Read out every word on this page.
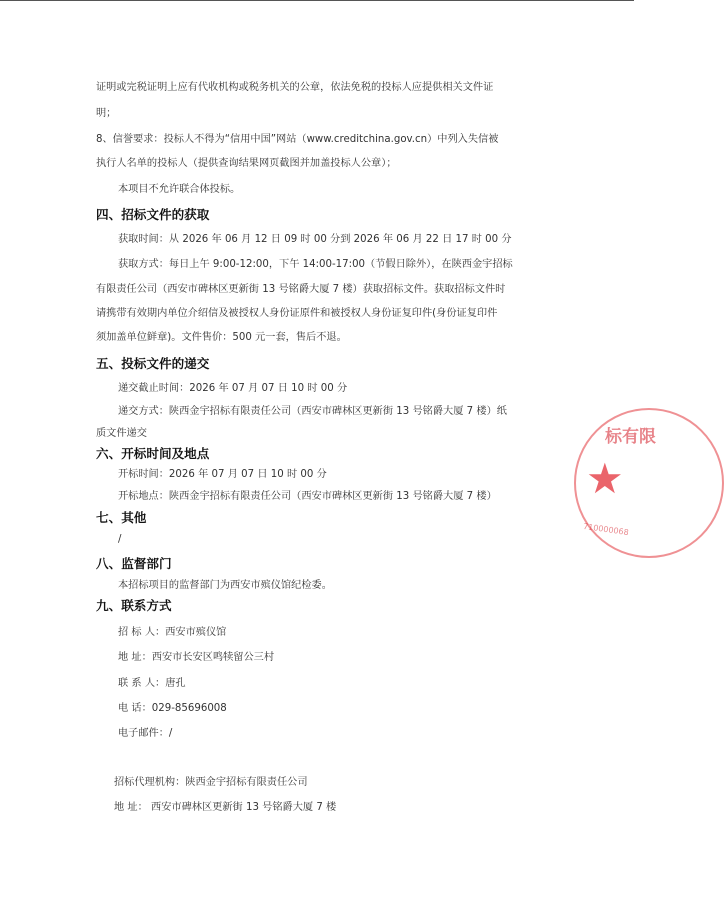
证明或完税证明上应有代收机构或税务机关的公章，依法免税的投标人应提供相关文件证
明；
8、信誉要求：投标人不得为“信用中国”网站（www.creditchina.gov.cn）中列入失信被
执行人名单的投标人（提供查询结果网页截图并加盖投标人公章）；
本项目不允许联合体投标。
四、招标文件的获取
获取时间：从 2026 年 06 月 12 日 09 时 00 分到 2026 年 06 月 22 日 17 时 00 分
获取方式：每日上午 9:00-12:00，下午 14:00-17:00（节假日除外），在陕西金宇招标
有限责任公司（西安市碑林区更新街 13 号铭爵大厦 7 楼）获取招标文件。获取招标文件时
请携带有效期内单位介绍信及被授权人身份证原件和被授权人身份证复印件(身份证复印件
须加盖单位鲜章)。文件售价：500 元一套，售后不退。
五、投标文件的递交
递交截止时间：2026 年 07 月 07 日 10 时 00 分
递交方式：陕西金宇招标有限责任公司（西安市碑林区更新街 13 号铭爵大厦 7 楼）纸
质文件递交
六、开标时间及地点
开标时间：2026 年 07 月 07 日 10 时 00 分
开标地点：陕西金宇招标有限责任公司（西安市碑林区更新街 13 号铭爵大厦 7 楼）
七、其他
/
八、监督部门
本招标项目的监督部门为西安市殡仪馆纪检委。
九、联系方式
招 标 人：西安市殡仪馆
地 址：西安市长安区鸣犊留公三村
联 系 人：唐孔
电 话：029-85696008
电子邮件：/
招标代理机构：陕西金宇招标有限责任公司
地 址： 西安市碑林区更新街 13 号铭爵大厦 7 楼
标有限
★
710000068
